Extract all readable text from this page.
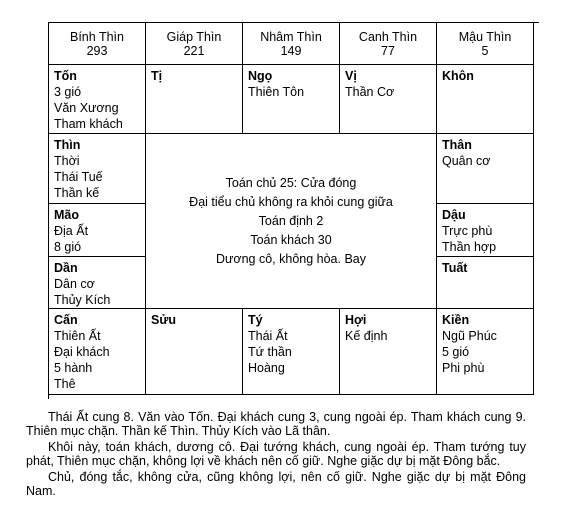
Bính Thìn
293
Giáp Thìn
221
Nhâm Thìn
149
Canh Thìn
77
Mậu Thìn
5
Tốn
3 gió
Văn Xương
Tham khách
Tị	Ngọ
Thiên Tôn
Vị
Thần Cơ
Khôn
Thìn
Thời
Thái Tuế
Thần kế
Toán chủ 25: Cửa đóng
Đại tiểu chủ không ra khỏi cung giữa
Toán định 2
Toán khách 30
Dương cô, không hòa. Bay
Thân
Quân cơ
Mão
Địa Ất
8 gió
Dậu
Trực phù
Thần hợp
Dần
Dân cơ
Thủy Kích
Tuất
Cấn
Thiên Ất
Đại khách
5 hành
Thê
Sửu	Tý
Thái Ất
Tứ thần
Hoàng
Hợi
Kế định
Kiền
Ngũ Phúc
5 gió
Phi phù

Thái Ất cung 8. Văn vào Tốn. Đại khách cung 3, cung ngoài ép. Tham khách cung 9. Thiên mục chặn. Thần kế Thìn. Thủy Kích vào Lã thân.

Khôi này, toán khách, dương cô. Đại tướng khách, cung ngoài ép. Tham tướng tuy phát, Thiên mục chặn, không lợi về khách nên cố giữ. Nghe giặc dự bị mặt Đông bắc.

Chủ, đóng tắc, không cửa, cũng không lợi, nên cố giữ. Nghe giặc dự bị mặt Đông Nam.
